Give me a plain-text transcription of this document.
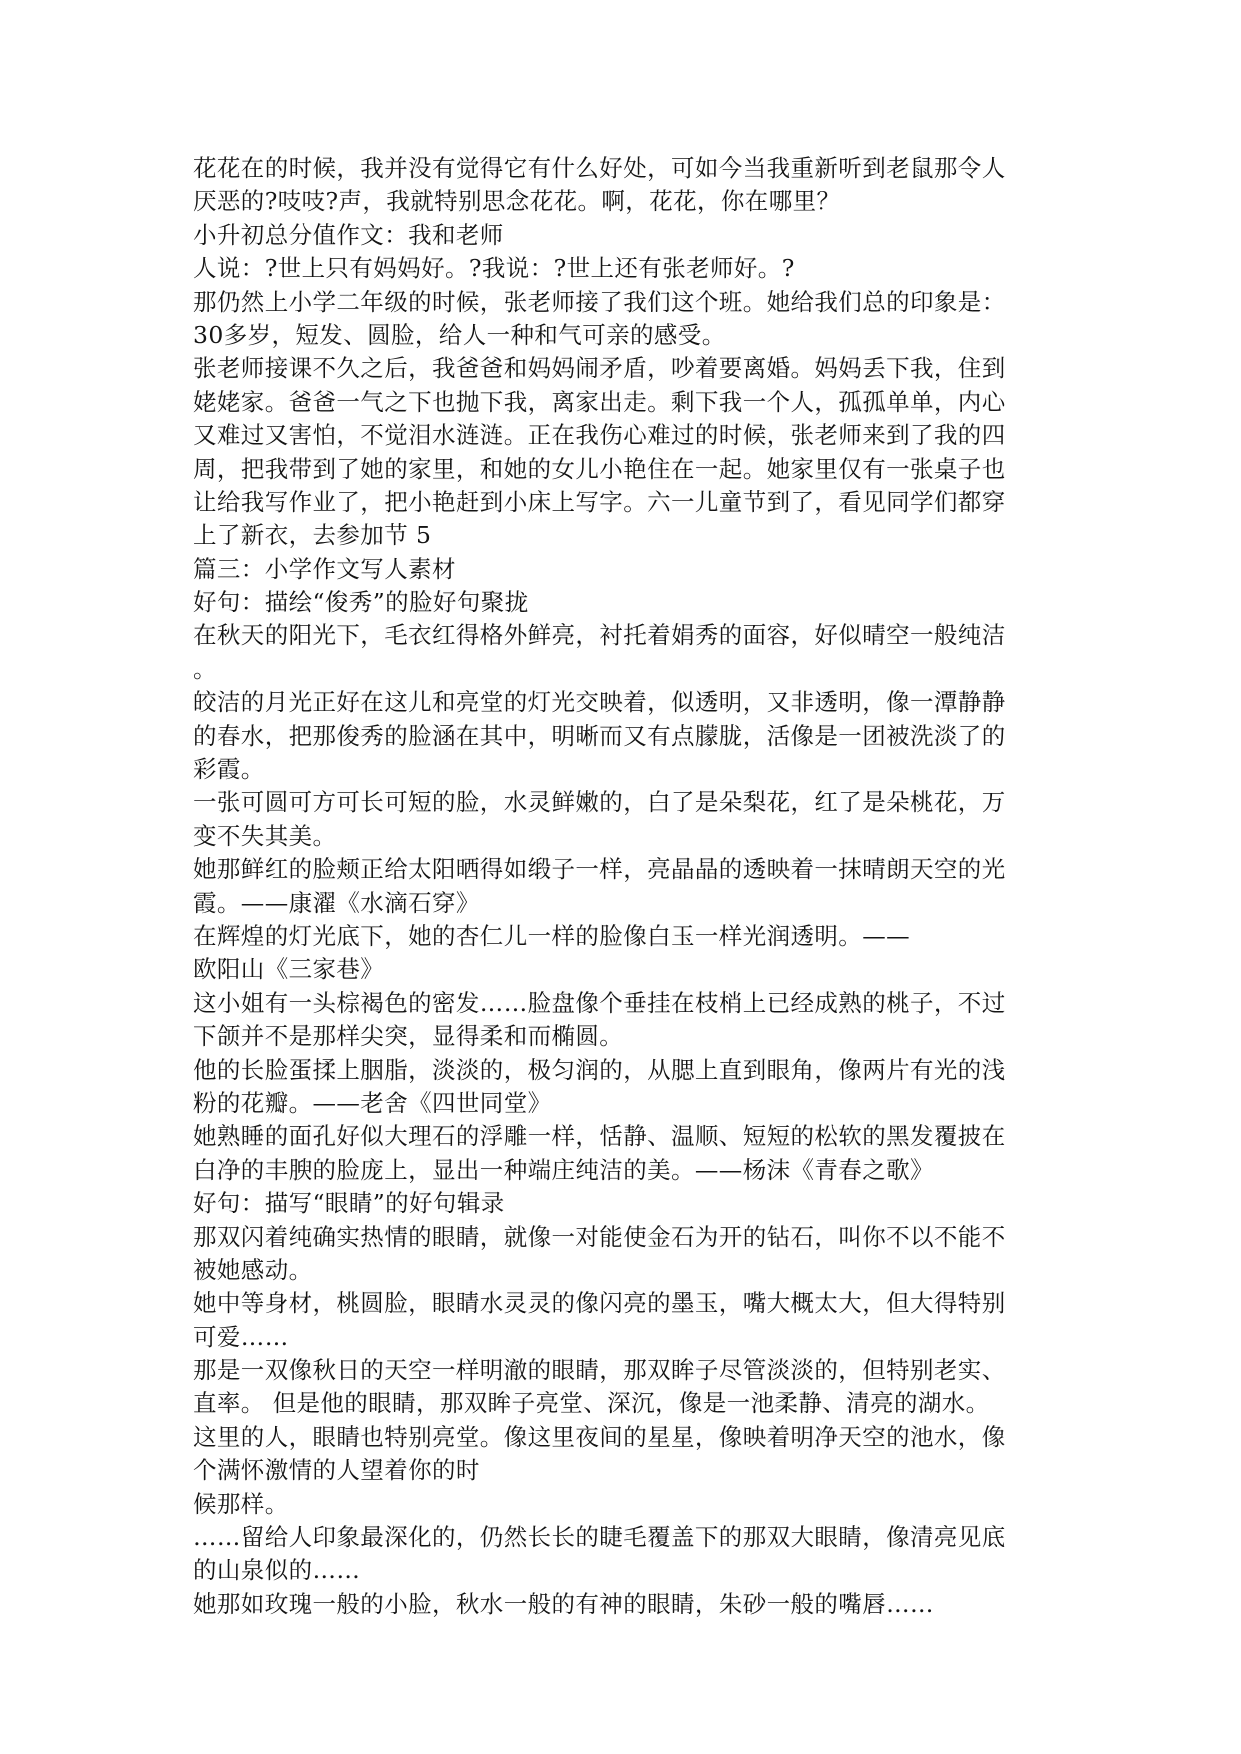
花花在的时候，我并没有觉得它有什么好处，可如今当我重新听到老鼠那令人
厌恶的?吱吱?声，我就特别思念花花。啊，花花，你在哪里？
小升初总分值作文：我和老师
人说：?世上只有妈妈好。?我说：?世上还有张老师好。?
那仍然上小学二年级的时候，张老师接了我们这个班。她给我们总的印象是：
30多岁，短发、圆脸，给人一种和气可亲的感受。
张老师接课不久之后，我爸爸和妈妈闹矛盾，吵着要离婚。妈妈丢下我，住到
姥姥家。爸爸一气之下也抛下我，离家出走。剩下我一个人，孤孤单单，内心
又难过又害怕，不觉泪水涟涟。正在我伤心难过的时候，张老师来到了我的四
周，把我带到了她的家里，和她的女儿小艳住在一起。她家里仅有一张桌子也
让给我写作业了，把小艳赶到小床上写字。六一儿童节到了，看见同学们都穿
上了新衣，去参加节 5
篇三：小学作文写人素材
好句：描绘“俊秀”的脸好句聚拢
在秋天的阳光下，毛衣红得格外鲜亮，衬托着娟秀的面容，好似晴空一般纯洁
。
皎洁的月光正好在这儿和亮堂的灯光交映着，似透明，又非透明，像一潭静静
的春水，把那俊秀的脸涵在其中，明晰而又有点朦胧，活像是一团被洗淡了的
彩霞。
一张可圆可方可长可短的脸，水灵鲜嫩的，白了是朵梨花，红了是朵桃花，万
变不失其美。
她那鲜红的脸颊正给太阳晒得如缎子一样，亮晶晶的透映着一抹晴朗天空的光
霞。——康濯《水滴石穿》
在辉煌的灯光底下，她的杏仁儿一样的脸像白玉一样光润透明。——
欧阳山《三家巷》
这小姐有一头棕褐色的密发……脸盘像个垂挂在枝梢上已经成熟的桃子，不过
下颌并不是那样尖突，显得柔和而椭圆。
他的长脸蛋揉上胭脂，淡淡的，极匀润的，从腮上直到眼角，像两片有光的浅
粉的花瓣。——老舍《四世同堂》
她熟睡的面孔好似大理石的浮雕一样，恬静、温顺、短短的松软的黑发覆披在
白净的丰腴的脸庞上，显出一种端庄纯洁的美。——杨沫《青春之歌》
好句：描写“眼睛”的好句辑录
那双闪着纯确实热情的眼睛，就像一对能使金石为开的钻石，叫你不以不能不
被她感动。
她中等身材，桃圆脸，眼睛水灵灵的像闪亮的墨玉，嘴大概太大，但大得特别
可爱……
那是一双像秋日的天空一样明澈的眼睛，那双眸子尽管淡淡的，但特别老实、
直率。 但是他的眼睛，那双眸子亮堂、深沉，像是一池柔静、清亮的湖水。
这里的人，眼睛也特别亮堂。像这里夜间的星星，像映着明净天空的池水，像
个满怀激情的人望着你的时
候那样。
……留给人印象最深化的，仍然长长的睫毛覆盖下的那双大眼睛，像清亮见底
的山泉似的……
她那如玫瑰一般的小脸，秋水一般的有神的眼睛，朱砂一般的嘴唇……
